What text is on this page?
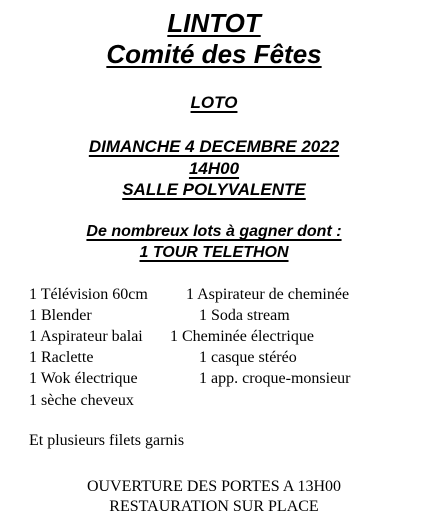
LINTOT
Comité des Fêtes
LOTO
DIMANCHE 4 DECEMBRE 2022
14H00
SALLE POLYVALENTE
De nombreux lots à gagner dont :
1 TOUR TELETHON
1 Télévision 60cm
1 Blender
1 Aspirateur balai
1 Raclette
1 Wok électrique
1 sèche cheveux
1 Aspirateur de cheminée
1 Soda stream
1 Cheminée électrique
1 casque stéréo
1 app. croque-monsieur
Et plusieurs filets garnis
OUVERTURE DES PORTES A 13H00
RESTAURATION SUR PLACE
